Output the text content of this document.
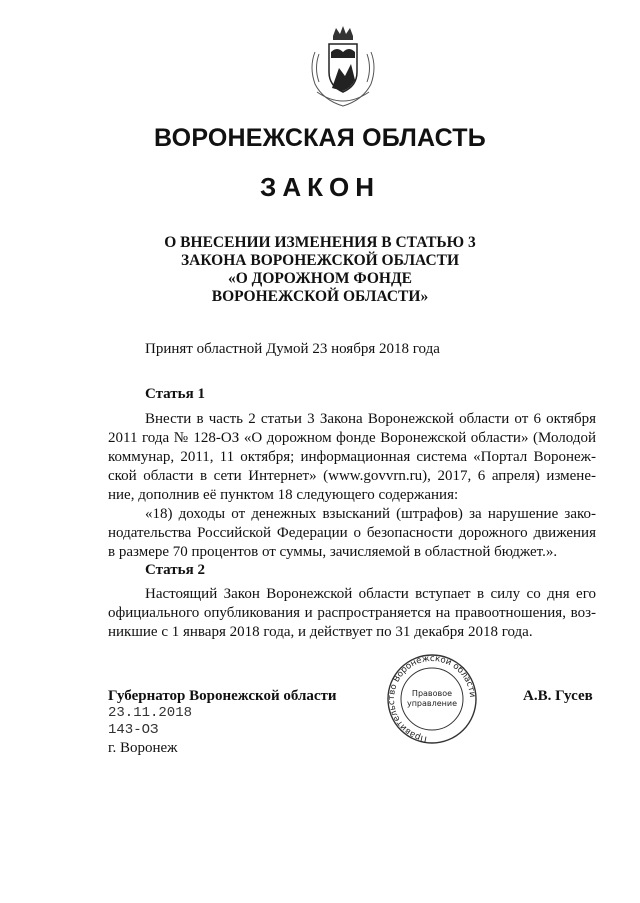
ВОРОНЕЖСКАЯ ОБЛАСТЬ
ЗАКОН
О ВНЕСЕНИИ ИЗМЕНЕНИЯ В СТАТЬЮ 3
ЗАКОНА ВОРОНЕЖСКОЙ ОБЛАСТИ
«О ДОРОЖНОМ ФОНДЕ
ВОРОНЕЖСКОЙ ОБЛАСТИ»
Принят областной Думой 23 ноября 2018 года
Статья 1
Внести в часть 2 статьи 3 Закона Воронежской области от 6 октября
2011 года № 128-ОЗ «О дорожном фонде Воронежской области» (Молодой
коммунар, 2011, 11 октября; информационная система «Портал Воронеж-
ской области в сети Интернет» (www.govvrn.ru), 2017, 6 апреля) измене-
ние, дополнив её пунктом 18 следующего содержания:
«18) доходы от денежных взысканий (штрафов) за нарушение зако-
нодательства Российской Федерации о безопасности дорожного движения
в размере 70 процентов от суммы, зачисляемой в областной бюджет.».
Статья 2
Настоящий Закон Воронежской области вступает в силу со дня его
официального опубликования и распространяется на правоотношения, воз-
никшие с 1 января 2018 года, и действует по 31 декабря 2018 года.
Губернатор Воронежской области	А.В. Гусев
23.11.2018
143-ОЗ
г. Воронеж
Правительство Воронежской области
Правовое
управление
